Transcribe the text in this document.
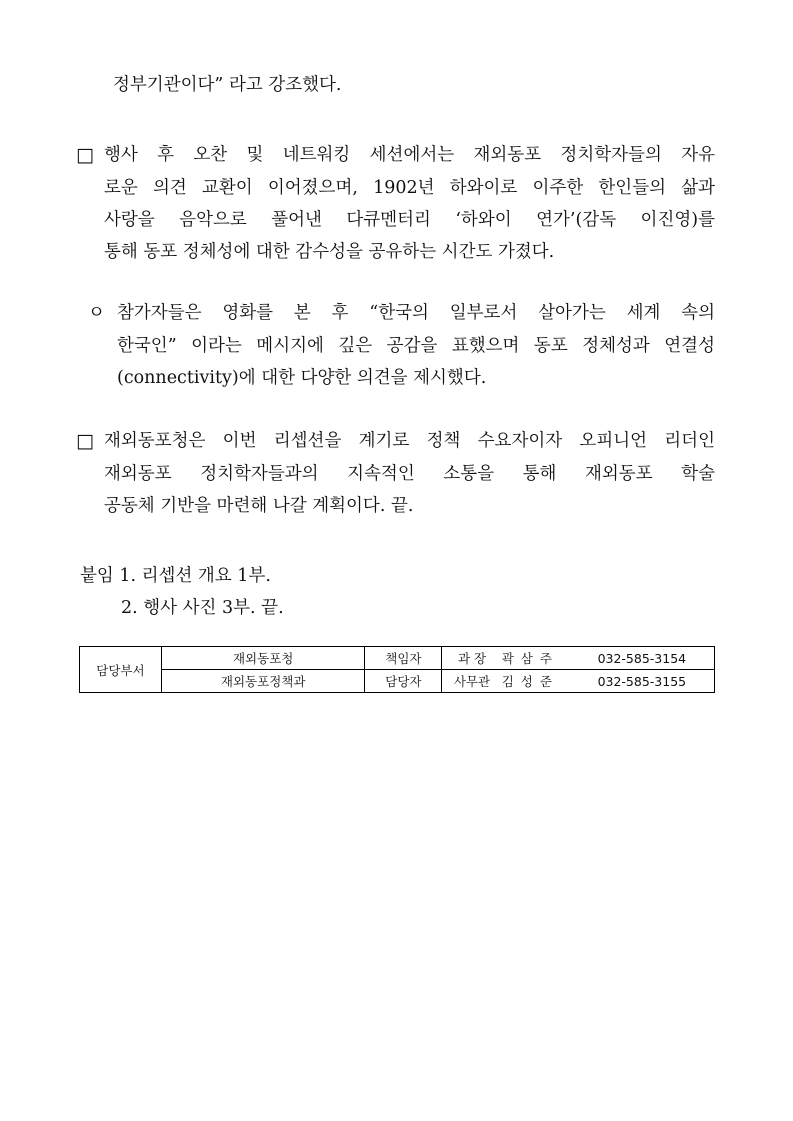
정부기관이다” 라고 강조했다.
□ 행사 후 오찬 및 네트워킹 세션에서는 재외동포 정치학자들의 자유
로운 의견 교환이 이어졌으며, 1902년 하와이로 이주한 한인들의 삶과
사랑을 음악으로 풀어낸 다큐멘터리 ‘하와이 연가’(감독 이진영)를
통해 동포 정체성에 대한 감수성을 공유하는 시간도 가졌다.
ㅇ 참가자들은 영화를 본 후 “한국의 일부로서 살아가는 세계 속의
한국인” 이라는 메시지에 깊은 공감을 표했으며 동포 정체성과 연결성
(connectivity)에 대한 다양한 의견을 제시했다.
□ 재외동포청은 이번 리셉션을 계기로 정책 수요자이자 오피니언 리더인
재외동포 정치학자들과의 지속적인 소통을 통해 재외동포 학술
공동체 기반을 마련해 나갈 계획이다. 끝.
붙임 1. 리셉션 개요 1부.
2. 행사 사진 3부. 끝.
담당부서	재외동포청	책임자	과 장	곽삼주	032-585-3154
	재외동포정책과	담당자	사무관	김성준	032-585-3155
